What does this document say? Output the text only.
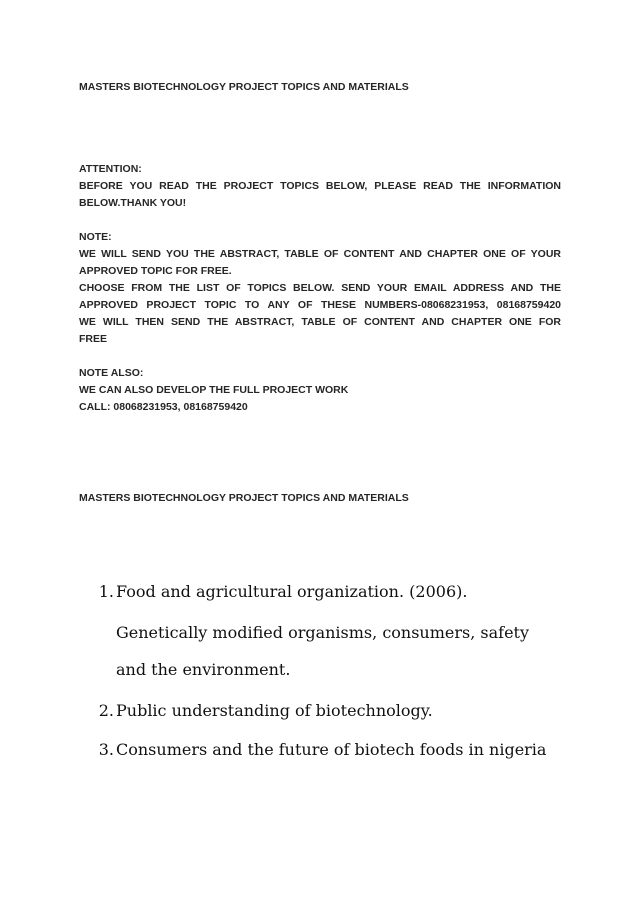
MASTERS BIOTECHNOLOGY PROJECT TOPICS AND MATERIALS

ATTENTION:
BEFORE YOU READ THE PROJECT TOPICS BELOW, PLEASE READ THE INFORMATION
BELOW.THANK YOU!
NOTE:
WE WILL SEND YOU THE ABSTRACT, TABLE OF CONTENT AND CHAPTER ONE OF YOUR
APPROVED TOPIC FOR FREE.
CHOOSE FROM THE LIST OF TOPICS BELOW. SEND YOUR EMAIL ADDRESS AND THE
APPROVED PROJECT TOPIC TO ANY OF THESE NUMBERS-08068231953, 08168759420
WE WILL THEN SEND THE ABSTRACT, TABLE OF CONTENT AND CHAPTER ONE FOR
FREE
NOTE ALSO:
WE CAN ALSO DEVELOP THE FULL PROJECT WORK
CALL: 08068231953, 08168759420

MASTERS BIOTECHNOLOGY PROJECT TOPICS AND MATERIALS

1. Food and agricultural organization. (2006).
Genetically modified organisms, consumers, safety
and the environment.
2. Public understanding of biotechnology.
3. Consumers and the future of biotech foods in nigeria
